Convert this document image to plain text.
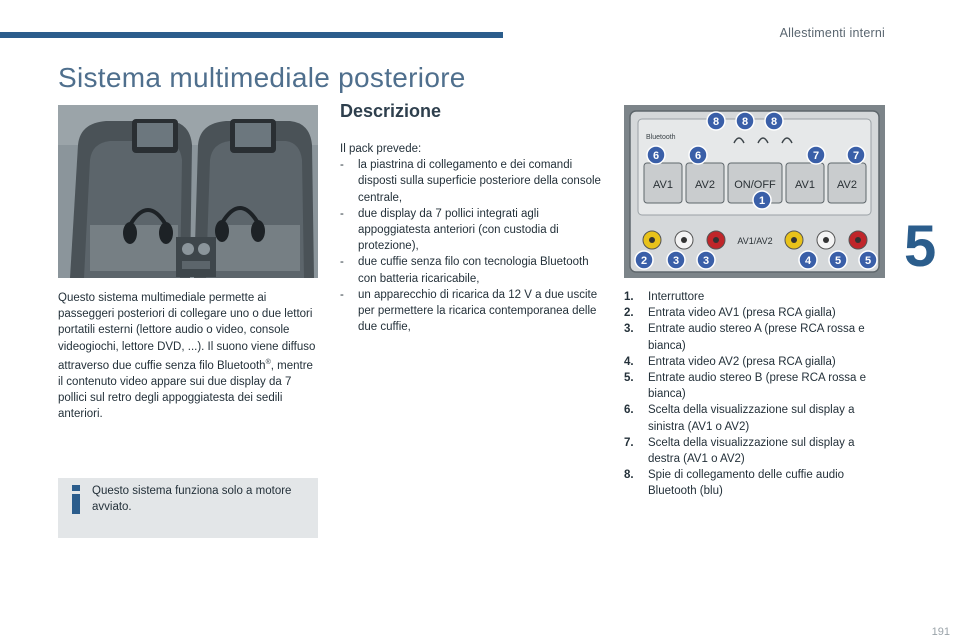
Allestimenti interni
5
Sistema multimediale posteriore

Questo sistema multimediale permette ai passeggeri posteriori di collegare uno o due lettori portatili esterni (lettore audio o video, console videogiochi, lettore DVD, ...). Il suono viene diffuso attraverso due cuffie senza filo Bluetooth®, mentre il contenuto video appare sui due display da 7 pollici sul retro degli appoggiatesta dei sedili anteriori.

Questo sistema funziona solo a motore avviato.
Descrizione
Il pack prevede:
- la piastrina di collegamento e dei comandi disposti sulla superficie posteriore della console centrale,
- due display da 7 pollici integrati agli appoggiatesta anteriori (con custodia di protezione),
- due cuffie senza filo con tecnologia Bluetooth con batteria ricaricabile,
- un apparecchio di ricarica da 12 V a due uscite per permettere la ricarica contemporanea delle due cuffie,
Bluetooth
AV1 AV2 ON/OFF AV1 AV2
AV1/AV2
8 8 8
6	6	7	7
1
2 3 3	4 5 5
1. Interruttore
2. Entrata video AV1 (presa RCA gialla)
3. Entrate audio stereo A (prese RCA rossa e bianca)
4. Entrata video AV2 (presa RCA gialla)
5. Entrate audio stereo B (prese RCA rossa e bianca)
6. Scelta della visualizzazione sul display a sinistra (AV1 o AV2)
7. Scelta della visualizzazione sul display a destra (AV1 o AV2)
8. Spie di collegamento delle cuffie audio Bluetooth (blu)
191
